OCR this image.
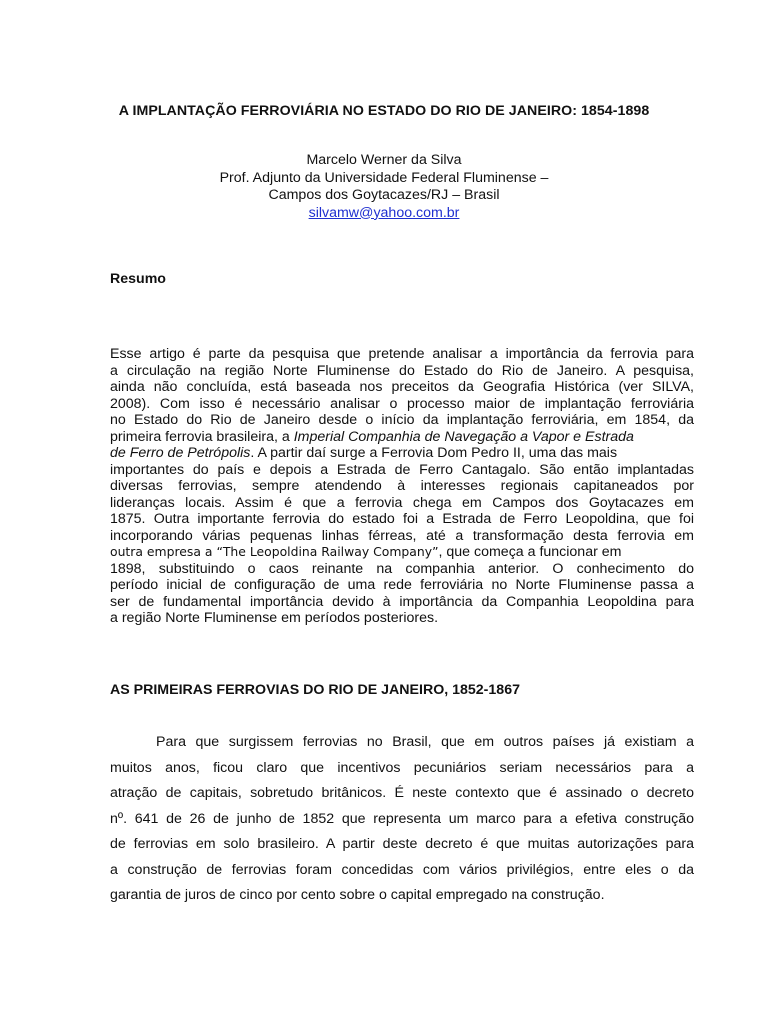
A IMPLANTAÇÃO FERROVIÁRIA NO ESTADO DO RIO DE JANEIRO: 1854-1898
Marcelo Werner da Silva
Prof. Adjunto da Universidade Federal Fluminense –
Campos dos Goytacazes/RJ – Brasil
silvamw@yahoo.com.br
Resumo
Esse artigo é parte da pesquisa que pretende analisar a importância da ferrovia para
a circulação na região Norte Fluminense do Estado do Rio de Janeiro. A pesquisa,
ainda não concluída, está baseada nos preceitos da Geografia Histórica (ver SILVA,
2008). Com isso é necessário analisar o processo maior de implantação ferroviária
no Estado do Rio de Janeiro desde o início da implantação ferroviária, em 1854, da
primeira ferrovia brasileira, a Imperial Companhia de Navegação a Vapor e Estrada
de Ferro de Petrópolis. A partir daí surge a Ferrovia Dom Pedro II, uma das mais
importantes do país e depois a Estrada de Ferro Cantagalo. São então implantadas
diversas ferrovias, sempre atendendo à interesses regionais capitaneados por
lideranças locais. Assim é que a ferrovia chega em Campos dos Goytacazes em
1875. Outra importante ferrovia do estado foi a Estrada de Ferro Leopoldina, que foi
incorporando várias pequenas linhas férreas, até a transformação desta ferrovia em
outra empresa a “The Leopoldina Railway Company”, que começa a funcionar em
1898, substituindo o caos reinante na companhia anterior. O conhecimento do
período inicial de configuração de uma rede ferroviária no Norte Fluminense passa a
ser de fundamental importância devido à importância da Companhia Leopoldina para
a região Norte Fluminense em períodos posteriores.
AS PRIMEIRAS FERROVIAS DO RIO DE JANEIRO, 1852-1867
Para que surgissem ferrovias no Brasil, que em outros países já existiam a
muitos anos, ficou claro que incentivos pecuniários seriam necessários para a
atração de capitais, sobretudo britânicos. É neste contexto que é assinado o decreto
nº. 641 de 26 de junho de 1852 que representa um marco para a efetiva construção
de ferrovias em solo brasileiro. A partir deste decreto é que muitas autorizações para
a construção de ferrovias foram concedidas com vários privilégios, entre eles o da
garantia de juros de cinco por cento sobre o capital empregado na construção.
